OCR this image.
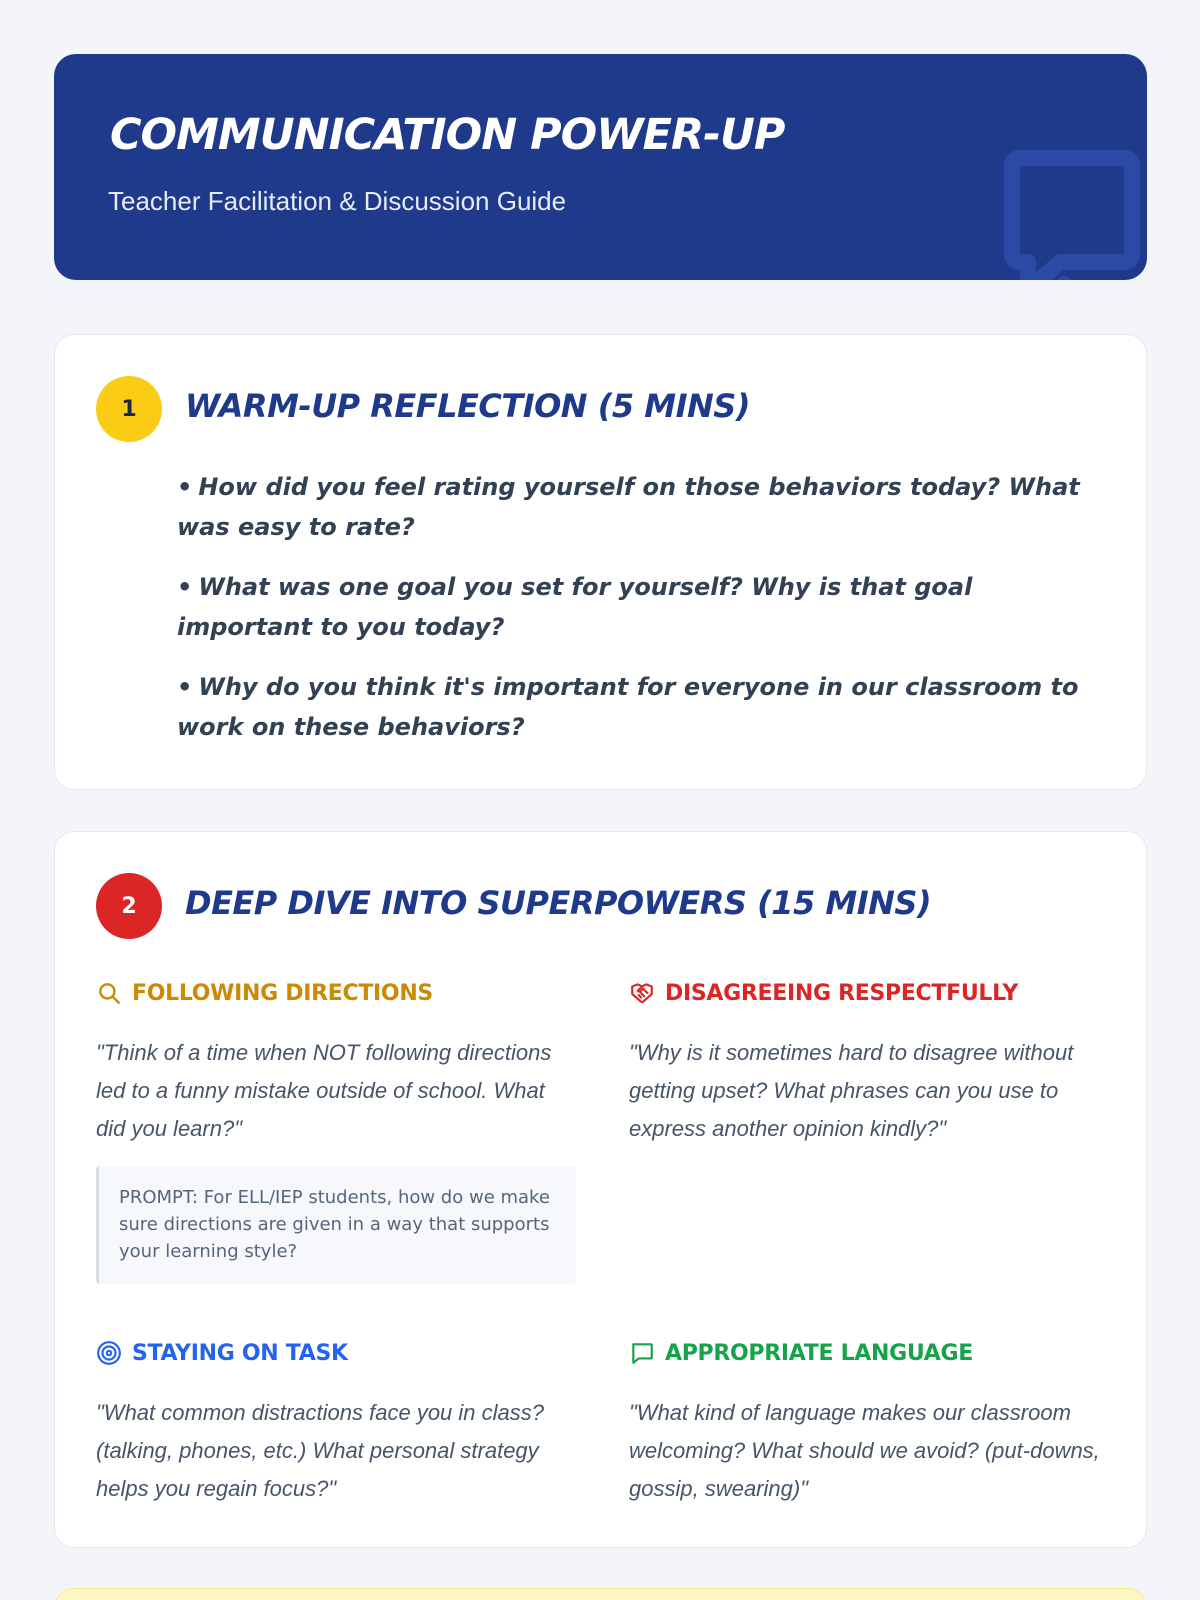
COMMUNICATION POWER-UP
Teacher Facilitation & Discussion Guide
1	WARM-UP REFLECTION (5 MINS)
• How did you feel rating yourself on those behaviors today? What was easy to rate?
• What was one goal you set for yourself? Why is that goal important to you today?
• Why do you think it's important for everyone in our classroom to work on these behaviors?
2	DEEP DIVE INTO SUPERPOWERS (15 MINS)
FOLLOWING DIRECTIONS
"Think of a time when NOT following directions led to a funny mistake outside of school. What did you learn?"
PROMPT: For ELL/IEP students, how do we make sure directions are given in a way that supports your learning style?
DISAGREEING RESPECTFULLY
"Why is it sometimes hard to disagree without getting upset? What phrases can you use to express another opinion kindly?"
STAYING ON TASK
"What common distractions face you in class? (talking, phones, etc.) What personal strategy helps you regain focus?"
APPROPRIATE LANGUAGE
"What kind of language makes our classroom welcoming? What should we avoid? (put-downs, gossip, swearing)"
